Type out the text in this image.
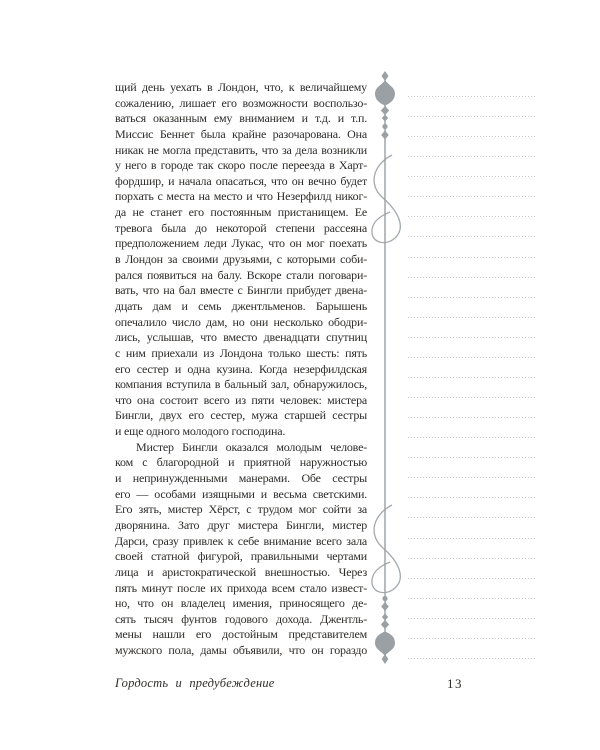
щий день уехать в Лондон, что, к величайшему
сожалению, лишает его возможности воспользо-
ваться оказанным ему вниманием и т.д. и т.п.
Миссис Беннет была крайне разочарована. Она
никак не могла представить, что за дела возникли
у него в городе так скоро после переезда в Харт-
фордшир, и начала опасаться, что он вечно будет
порхать с места на место и что Незерфилд никог-
да не станет его постоянным пристанищем. Ее
тревога была до некоторой степени рассеяна
предположением леди Лукас, что он мог поехать
в Лондон за своими друзьями, с которыми соби-
рался появиться на балу. Вскоре стали поговари-
вать, что на бал вместе с Бингли прибудет двена-
дцать дам и семь джентльменов. Барышень
опечалило число дам, но они несколько ободри-
лись, услышав, что вместо двенадцати спутниц
с ним приехали из Лондона только шесть: пять
его сестер и одна кузина. Когда незерфилдская
компания вступила в бальный зал, обнаружилось,
что она состоит всего из пяти человек: мистера
Бингли, двух его сестер, мужа старшей сестры
и еще одного молодого господина.
Мистер Бингли оказался молодым челове-
ком с благородной и приятной наружностью
и непринужденными манерами. Обе сестры
его — особами изящными и весьма светскими.
Его зять, мистер Хёрст, с трудом мог сойти за
дворянина. Зато друг мистера Бингли, мистер
Дарси, сразу привлек к себе внимание всего зала
своей статной фигурой, правильными чертами
лица и аристократической внешностью. Через
пять минут после их прихода всем стало извест-
но, что он владелец имения, приносящего де-
сять тысяч фунтов годового дохода. Джентль-
мены нашли его достойным представителем
мужского пола, дамы объявили, что он гораздо
Гордость и предубеждение	13
